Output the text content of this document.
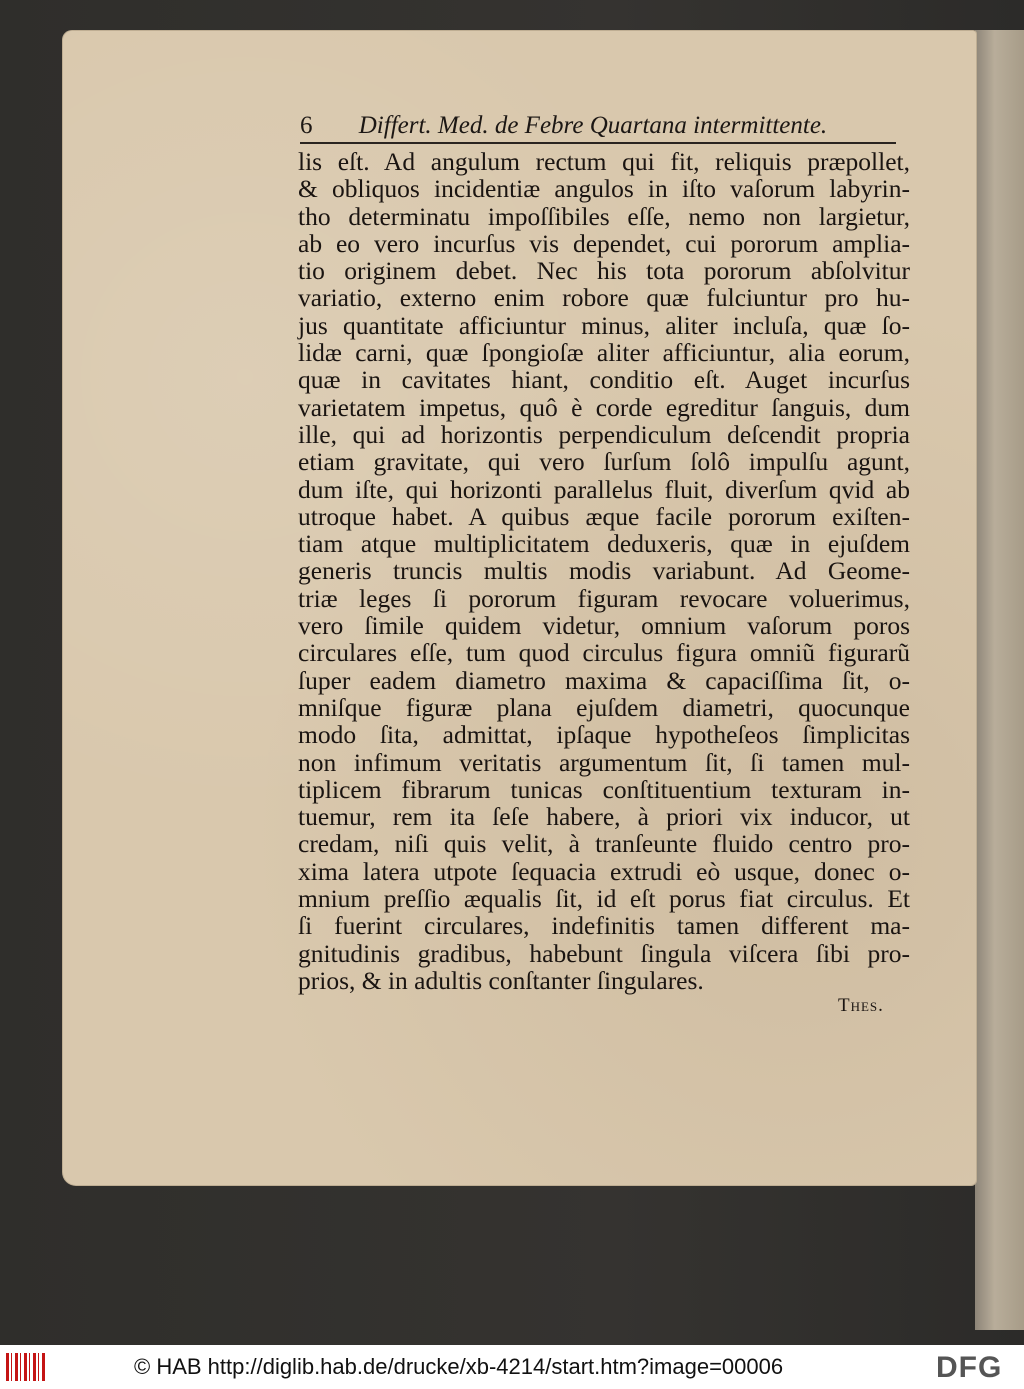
6 Differt. Med. de Febre Quartana intermittente.
lis eſt. Ad angulum rectum qui fit, reliquis præpollet,
& obliquos incidentiæ angulos in iſto vaſorum labyrin-
tho determinatu impoſſibiles eſſe, nemo non largietur,
ab eo vero incurſus vis dependet, cui pororum amplia-
tio originem debet. Nec his tota pororum abſolvitur
variatio, externo enim robore quæ fulciuntur pro hu-
jus quantitate afficiuntur minus, aliter incluſa, quæ ſo-
lidæ carni, quæ ſpongioſæ aliter afficiuntur, alia eorum,
quæ in cavitates hiant, conditio eſt. Auget incurſus
varietatem impetus, quô è corde egreditur ſanguis, dum
ille, qui ad horizontis perpendiculum deſcendit propria
etiam gravitate, qui vero ſurſum ſolô impulſu agunt,
dum iſte, qui horizonti parallelus fluit, diverſum qvid ab
utroque habet. A quibus æque facile pororum exiſten-
tiam atque multiplicitatem deduxeris, quæ in ejuſdem
generis truncis multis modis variabunt. Ad Geome-
triæ leges ſi pororum figuram revocare voluerimus,
vero ſimile quidem videtur, omnium vaſorum poros
circulares eſſe, tum quod circulus figura omniũ figurarũ
ſuper eadem diametro maxima & capaciſſima ſit, o-
mniſque figuræ plana ejuſdem diametri, quocunque
modo ſita, admittat, ipſaque hypotheſeos ſimplicitas
non infimum veritatis argumentum ſit, ſi tamen mul-
tiplicem fibrarum tunicas conſtituentium texturam in-
tuemur, rem ita ſeſe habere, à priori vix inducor, ut
credam, niſi quis velit, à tranſeunte fluido centro pro-
xima latera utpote ſequacia extrudi eò usque, donec o-
mnium preſſio æqualis ſit, id eſt porus fiat circulus. Et
ſi fuerint circulares, indefinitis tamen different ma-
gnitudinis gradibus, habebunt ſingula viſcera ſibi pro-
prios, & in adultis conſtanter ſingulares.
Thes.
© HAB http://diglib.hab.de/drucke/xb-4214/start.htm?image=00006	DFG
